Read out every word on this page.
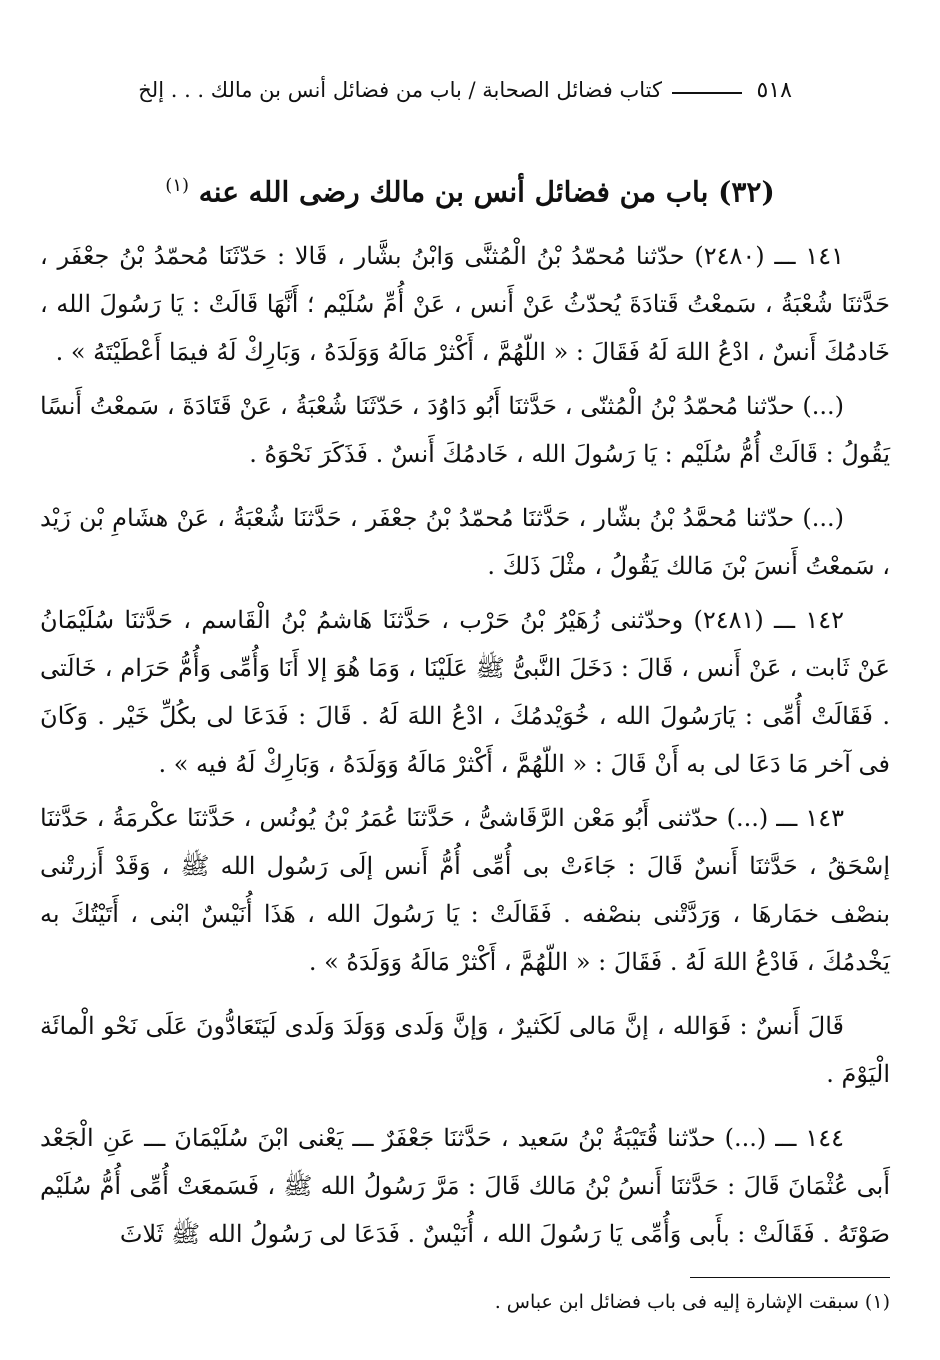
٥١٨
كتاب فضائل الصحابة / باب من فضائل أنس بن مالك . . . إلخ
(٣٢) باب من فضائل أنس بن مالك رضى الله عنه $^{(١)}$

١٤١ ـــ (٢٤٨٠) حدّثنا مُحمّدُ بْنُ الْمُثنَّى وَابْنُ بشَّار ، قَالا : حَدّثَنَا مُحمّدُ بْنُ جعْفَر ، حَدَّثنَا شُعْبَةُ ، سَمعْتُ قَتادَةَ يُحدّثُ عَنْ أَنس ، عَنْ أُمِّ سُلَيْم ؛ أَنَّهَا قَالَتْ : يَا رَسُولَ الله ، خَادمُكَ أَنسٌ ، ادْعُ اللهَ لَهُ فَقَالَ : « اللّهُمَّ ، أَكْثرْ مَالَهُ وَوَلَدَهُ ، وَبَارِكْ لَهُ فيمَا أَعْطَيْتَهُ » .

(...) حدّثنا مُحمّدُ بْنُ الْمُثنّى ، حَدَّثنَا أَبُو دَاوُدَ ، حَدّثَنَا شُعْبَةُ ، عَنْ قَتَادَةَ ، سَمعْتُ أَنسًا يَقُولُ : قَالَتْ أُمُّ سُلَيْم : يَا رَسُولَ الله ، خَادمُكَ أَنسٌ . فَذَكَرَ نَحْوَهُ .

(...) حدّثنا مُحمَّدُ بْنُ بشّار ، حَدَّثنَا مُحمّدُ بْنُ جعْفَر ، حَدَّثنَا شُعْبَةُ ، عَنْ هشَامِ بْن زَيْد ، سَمعْتُ أَنسَ بْنَ مَالك يَقُولُ ، مثْلَ ذَلكَ .

١٤٢ ـــ (٢٤٨١) وحدّثنى زُهَيْرُ بْنُ حَرْب ، حَدَّثنَا هَاشمُ بْنُ الْقَاسم ، حَدَّثنَا سُلَيْمَانُ عَنْ ثَابت ، عَنْ أَنس ، قَالَ : دَخَلَ النَّبىُّ ﷺ عَلَيْنَا ، وَمَا هُوَ إلا أَنَا وَأُمِّى وَأُمُّ حَرَام ، خَالَتى . فَقَالَتْ أُمِّى : يَارَسُولَ الله ، خُوَيْدمُكَ ، ادْعُ اللهَ لَهُ . قَالَ : فَدَعَا لى بكُلِّ خَيْر . وَكَانَ فى آخر مَا دَعَا لى به أَنْ قَالَ : « اللّهُمَّ ، أَكْثرْ مَالَهُ وَوَلَدَهُ ، وَبَارِكْ لَهُ فيه » .

١٤٣ ـــ (...) حدّثنى أَبُو مَعْن الرَّقَاشىُّ ، حَدَّثنَا عُمَرُ بْنُ يُونُس ، حَدَّثنَا عكْرمَةُ ، حَدَّثنَا إسْحَقُ ، حَدَّثنَا أَنسٌ قَالَ : جَاءَتْ بى أُمِّى أُمُّ أَنس إلَى رَسُول الله ﷺ ، وَقَدْ أَزرتْنى بنصْف خمَارهَا ، وَرَدَّتْنى بنصْفه . فَقَالَتْ : يَا رَسُولَ الله ، هَذَا أُنَيْسٌ ابْنى ، أَتَيْتُكَ به يَخْدمُكَ ، فَادْعُ اللهَ لَهُ . فَقَالَ : « اللّهُمَّ ، أَكْثرْ مَالَهُ وَوَلَدَهُ » .

قَالَ أَنسٌ : فَوَالله ، إنَّ مَالى لَكَثيرٌ ، وَإنَّ وَلَدى وَوَلَدَ وَلَدى لَيَتَعَادُّونَ عَلَى نَحْو الْمائَة الْيَوْمَ .

١٤٤ ـــ (...) حدّثنا قُتَيْبَةُ بْنُ سَعيد ، حَدَّثنَا جَعْفَرٌ ـــ يَعْنى ابْنَ سُلَيْمَانَ ـــ عَنِ الْجَعْد أَبى عُثْمَانَ قَالَ : حَدَّثنَا أَنسُ بْنُ مَالك قَالَ : مَرَّ رَسُولُ الله ﷺ ، فَسَمعَتْ أُمِّى أُمُّ سُلَيْم صَوْتَهُ . فَقَالَتْ : بأَبى وَأُمِّى يَا رَسُولَ الله ، أُنَيْسٌ . فَدَعَا لى رَسُولُ الله ﷺ ثَلاثَ

(١) سبقت الإشارة إليه فى باب فضائل ابن عباس .
